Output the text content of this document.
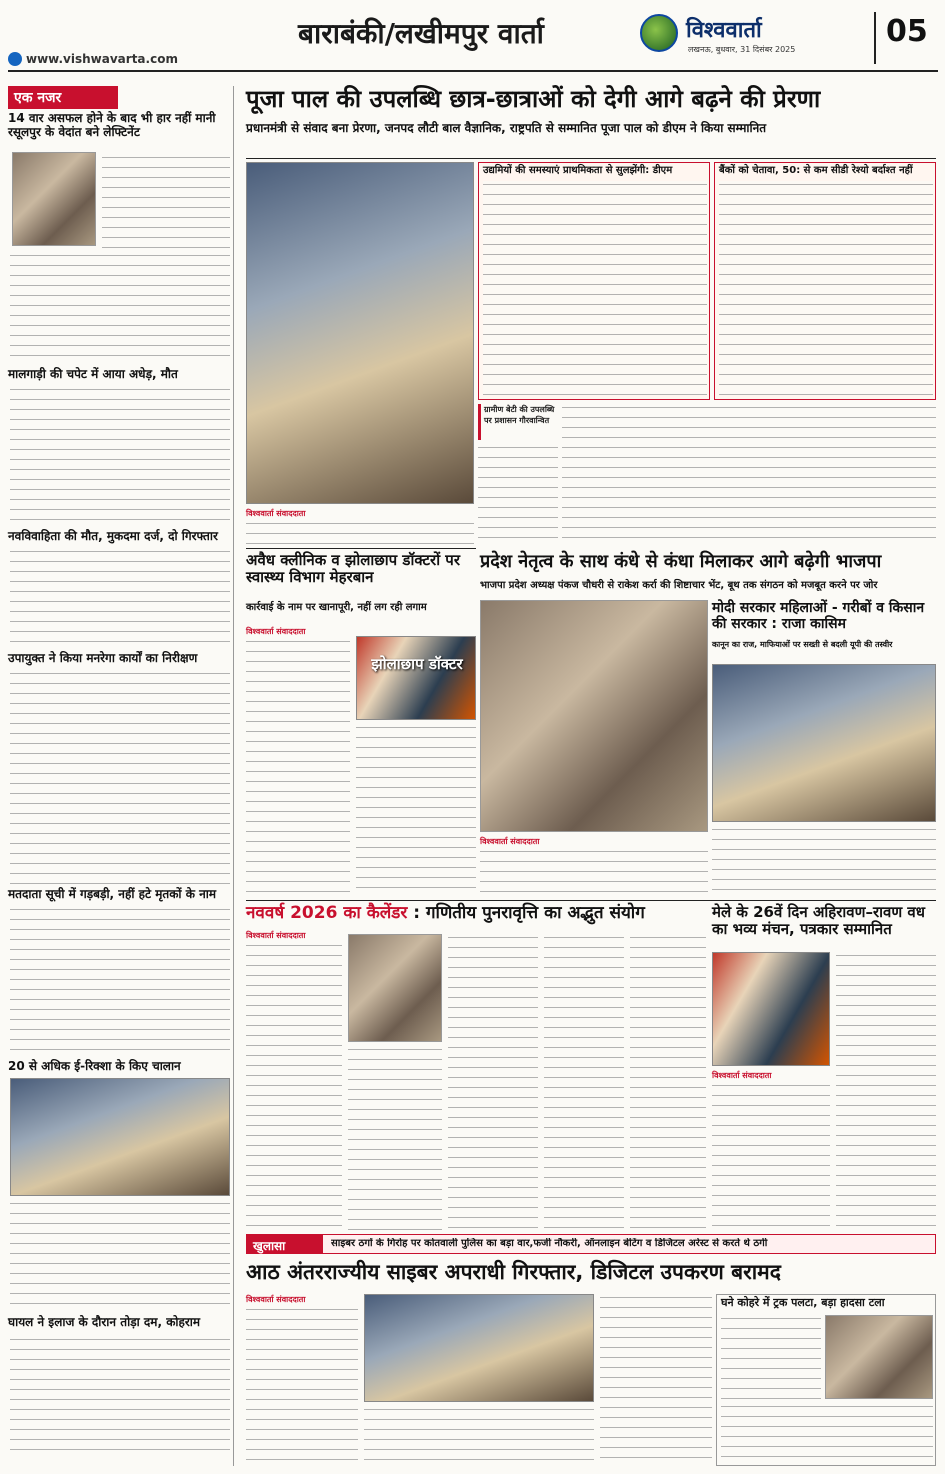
www.vishwavarta.com
बाराबंकी/लखीमपुर वार्ता	विश्ववार्ता
लखनऊ, बुधवार, 31 दिसंबर 2025
05
एक नजर
14 वार असफल होने के बाद भी हार नहीं मानी रसूलपुर के वेदांत बने लेफ्टिनेंट
मालगाड़ी की चपेट में आया अधेड़, मौत
नवविवाहिता की मौत, मुकदमा दर्ज, दो गिरफ्तार
उपायुक्त ने किया मनरेगा कार्यों का निरीक्षण
मतदाता सूची में गड़बड़ी, नहीं हटे मृतकों के नाम
20 से अधिक ई-रिक्शा के किए चालान
घायल ने इलाज के दौरान तोड़ा दम, कोहराम
पूजा पाल की उपलब्धि छात्र-छात्राओं को देगी आगे बढ़ने की प्रेरणा
प्रधानमंत्री से संवाद बना प्रेरणा, जनपद लौटी बाल वैज्ञानिक, राष्ट्रपति से सम्मानित पूजा पाल को डीएम ने किया सम्मानित
विश्ववार्ता संवाददाता
उद्यमियों की समस्याएं प्राथमिकता से सुलझेंगी: डीएम	बैंकों को चेतावा, 50: से कम सीडी रेश्यो बर्दाश्त नहीं
ग्रामीण बेटी की उपलब्धि पर प्रशासन गौरवान्वित
अवैध क्लीनिक व झोलाछाप डॉक्टरों पर स्वास्थ्य विभाग मेहरबान
कार्रवाई के नाम पर खानापूरी, नहीं लग रही लगाम
विश्ववार्ता संवाददाता
झोलाछाप डॉक्टर
प्रदेश नेतृत्व के साथ कंधे से कंधा मिलाकर आगे बढ़ेगी भाजपा
भाजपा प्रदेश अध्यक्ष पंकज चौधरी से राकेश कर्रा की शिष्टाचार भेंट, बूथ तक संगठन को मजबूत करने पर जोर
विश्ववार्ता संवाददाता
मोदी सरकार महिलाओं - गरीबों व किसान की सरकार : राजा कासिम
कानून का राज, माफियाओं पर सख्ती से बदली यूपी की तस्वीर
नववर्ष 2026 का कैलेंडर : गणितीय पुनरावृत्ति का अद्भुत संयोग
विश्ववार्ता संवाददाता
मेले के 26वें दिन अहिरावण–रावण वध का भव्य मंचन, पत्रकार सम्मानित
विश्ववार्ता संवाददाता
खुलासा	साइबर ठगों के गिरोह पर कोतवाली पुलिस का बड़ा वार,फर्जी नौकरी, ऑनलाइन बेटिंग व डिजिटल अरेस्ट से करते थे ठगी
आठ अंतरराज्यीय साइबर अपराधी गिरफ्तार, डिजिटल उपकरण बरामद
विश्ववार्ता संवाददाता	घने कोहरे में ट्रक पलटा, बड़ा हादसा टला
